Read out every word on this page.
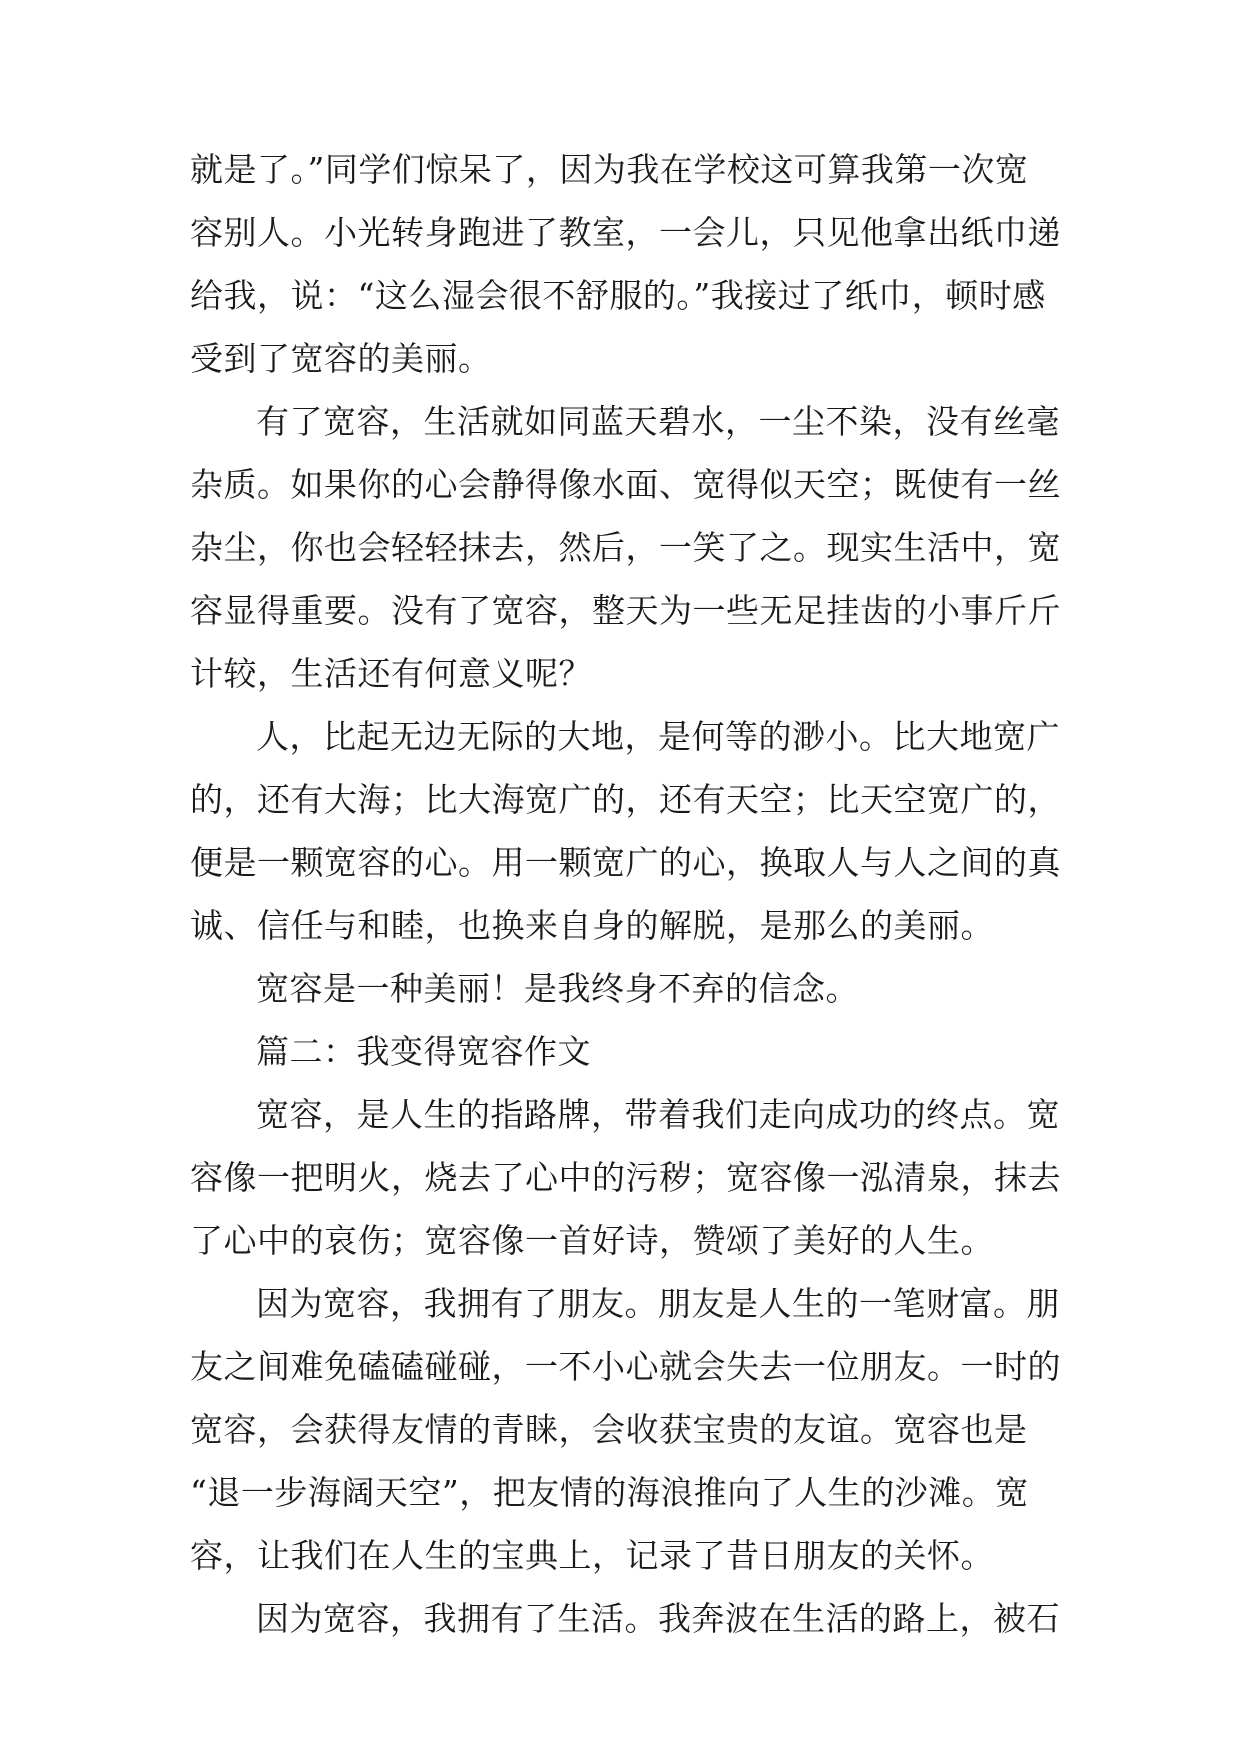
就是了。”同学们惊呆了，因为我在学校这可算我第一次宽
容别人。小光转身跑进了教室，一会儿，只见他拿出纸巾递
给我，说：“这么湿会很不舒服的。”我接过了纸巾，顿时感
受到了宽容的美丽。
有了宽容，生活就如同蓝天碧水，一尘不染，没有丝毫
杂质。如果你的心会静得像水面、宽得似天空；既使有一丝
杂尘，你也会轻轻抹去，然后，一笑了之。现实生活中，宽
容显得重要。没有了宽容，整天为一些无足挂齿的小事斤斤
计较，生活还有何意义呢？
人，比起无边无际的大地，是何等的渺小。比大地宽广
的，还有大海；比大海宽广的，还有天空；比天空宽广的，
便是一颗宽容的心。用一颗宽广的心，换取人与人之间的真
诚、信任与和睦，也换来自身的解脱，是那么的美丽。
宽容是一种美丽！是我终身不弃的信念。
篇二：我变得宽容作文
宽容，是人生的指路牌，带着我们走向成功的终点。宽
容像一把明火，烧去了心中的污秽；宽容像一泓清泉，抹去
了心中的哀伤；宽容像一首好诗，赞颂了美好的人生。
因为宽容，我拥有了朋友。朋友是人生的一笔财富。朋
友之间难免磕磕碰碰，一不小心就会失去一位朋友。一时的
宽容，会获得友情的青睐，会收获宝贵的友谊。宽容也是
“退一步海阔天空”，把友情的海浪推向了人生的沙滩。宽
容，让我们在人生的宝典上，记录了昔日朋友的关怀。
因为宽容，我拥有了生活。我奔波在生活的路上，被石
